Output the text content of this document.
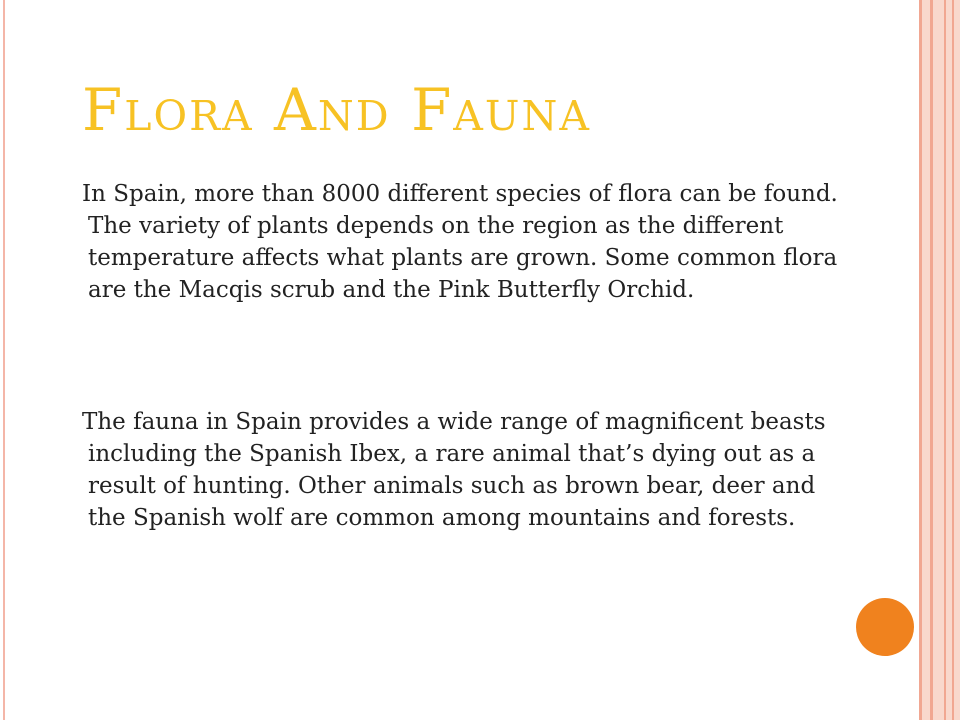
Flora And Fauna

In Spain, more than 8000 different species of flora can be found. The variety of plants depends on the region as the different temperature affects what plants are grown. Some common flora are the Macqis scrub and the Pink Butterfly Orchid.

The fauna in Spain provides a wide range of magnificent beasts including the Spanish Ibex, a rare animal that’s dying out as a result of hunting. Other animals such as brown bear, deer and the Spanish wolf are common among mountains and forests.
